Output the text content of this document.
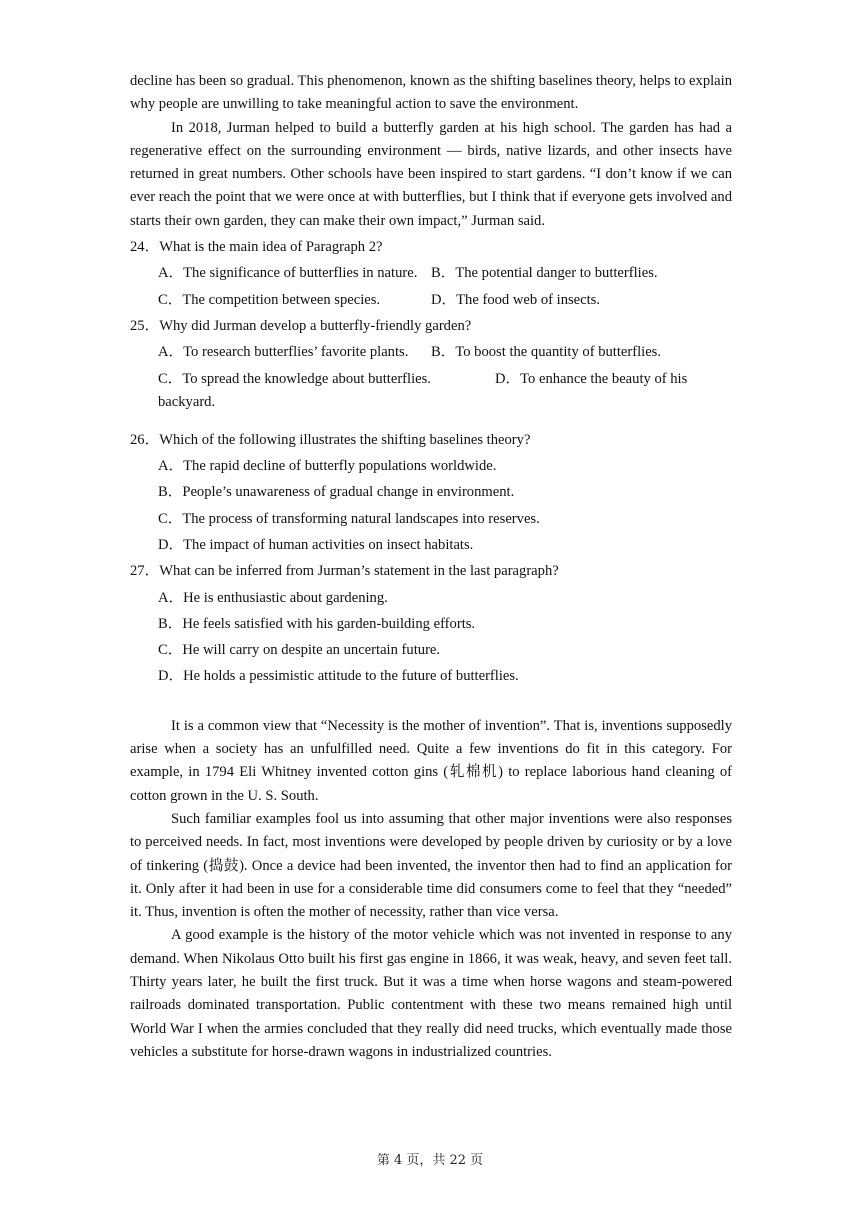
decline has been so gradual. This phenomenon, known as the shifting baselines theory, helps to explain why people are unwilling to take meaningful action to save the environment.

In 2018, Jurman helped to build a butterfly garden at his high school. The garden has had a regenerative effect on the surrounding environment — birds, native lizards, and other insects have returned in great numbers. Other schools have been inspired to start gardens. “I don’t know if we can ever reach the point that we were once at with butterflies, but I think that if everyone gets involved and starts their own garden, they can make their own impact,” Jurman said.

24．What is the main idea of Paragraph 2?

A．The significance of butterflies in nature. B．The potential danger to butterflies.
C．The competition between species.	D．The food web of insects.

25．Why did Jurman develop a butterfly-friendly garden?

A．To research butterflies’ favorite plants.	B．To boost the quantity of butterflies.
C．To spread the knowledge about butterflies.	D．To enhance the beauty of his

backyard.

26．Which of the following illustrates the shifting baselines theory?

A．The rapid decline of butterfly populations worldwide.

B．People’s unawareness of gradual change in environment.

C．The process of transforming natural landscapes into reserves.

D．The impact of human activities on insect habitats.

27．What can be inferred from Jurman’s statement in the last paragraph?

A．He is enthusiastic about gardening.

B．He feels satisfied with his garden-building efforts.

C．He will carry on despite an uncertain future.

D．He holds a pessimistic attitude to the future of butterflies.

It is a common view that “Necessity is the mother of invention”. That is, inventions supposedly arise when a society has an unfulfilled need. Quite a few inventions do fit in this category. For example, in 1794 Eli Whitney invented cotton gins (轧棉机) to replace laborious hand cleaning of cotton grown in the U. S. South.

Such familiar examples fool us into assuming that other major inventions were also responses to perceived needs. In fact, most inventions were developed by people driven by curiosity or by a love of tinkering (捣鼓). Once a device had been invented, the inventor then had to find an application for it. Only after it had been in use for a considerable time did consumers come to feel that they “needed” it. Thus, invention is often the mother of necessity, rather than vice versa.

A good example is the history of the motor vehicle which was not invented in response to any demand. When Nikolaus Otto built his first gas engine in 1866, it was weak, heavy, and seven feet tall. Thirty years later, he built the first truck. But it was a time when horse wagons and steam-powered railroads dominated transportation. Public contentment with these two means remained high until World War I when the armies concluded that they really did need trucks, which eventually made those vehicles a substitute for horse-drawn wagons in industrialized countries.

第 4 页，共 22 页
